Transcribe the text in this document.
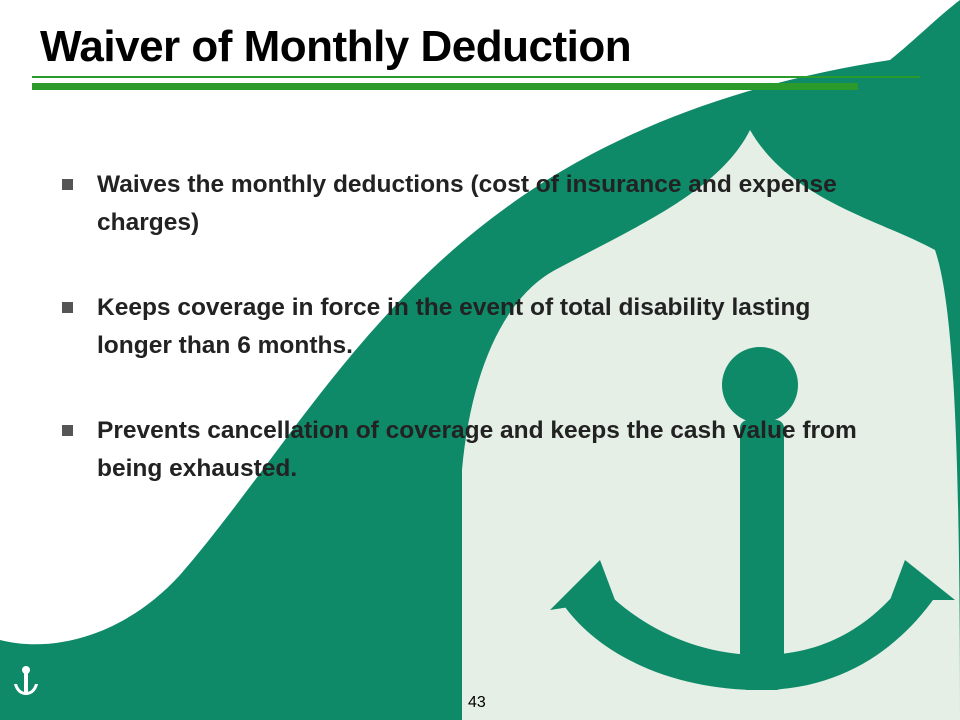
Waiver of Monthly Deduction
Waives the monthly deductions (cost of insurance and expense charges)
Keeps coverage in force in the event of total disability lasting longer than 6 months.
Prevents cancellation of coverage and keeps the cash value from being exhausted.
OLD MUTUAL
U.S. Life Group
43
